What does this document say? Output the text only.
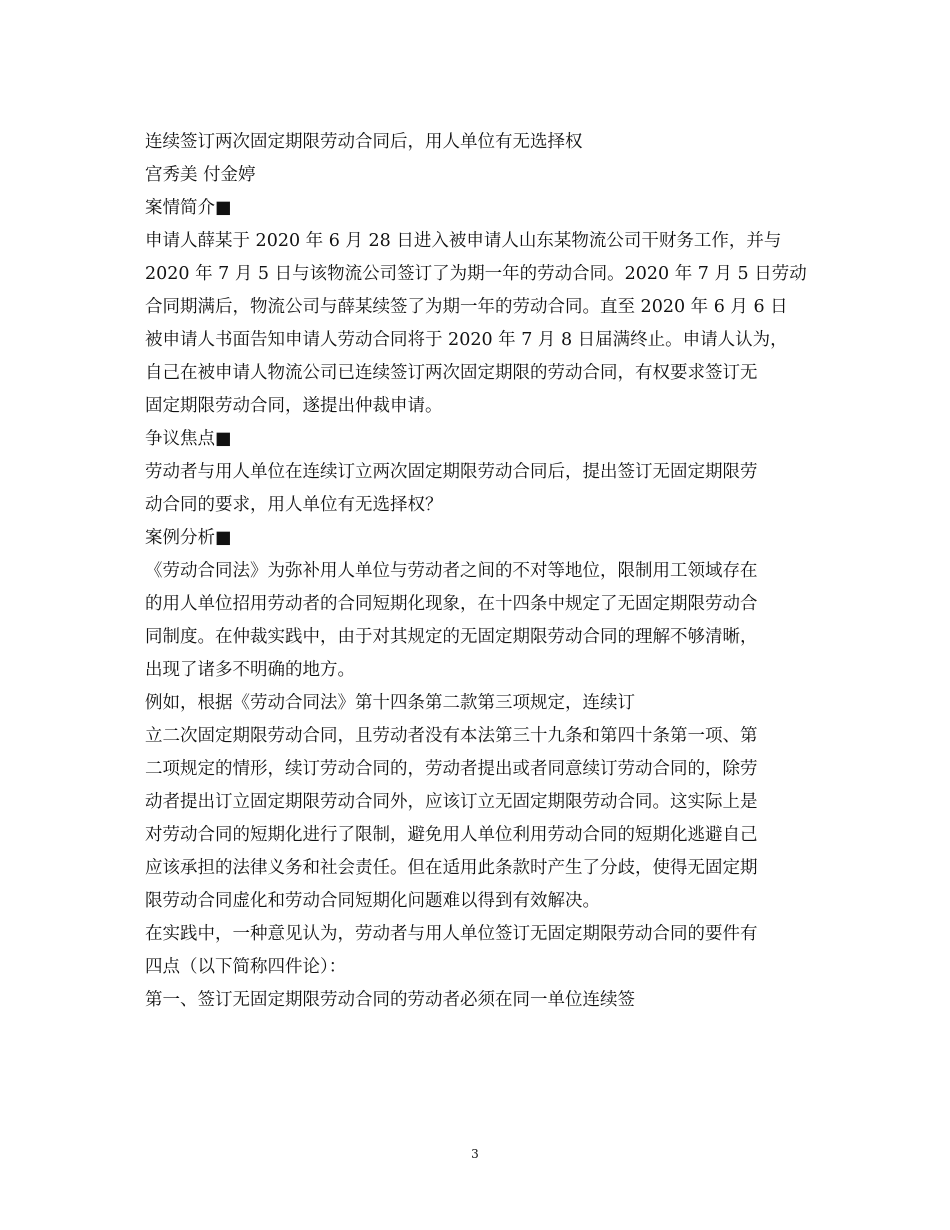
连续签订两次固定期限劳动合同后，用人单位有无选择权
宫秀美 付金婷
案情简介■
申请人薛某于 2020 年 6 月 28 日进入被申请人山东某物流公司干财务工作，并与
2020 年 7 月 5 日与该物流公司签订了为期一年的劳动合同。2020 年 7 月 5 日劳动
合同期满后，物流公司与薛某续签了为期一年的劳动合同。直至 2020 年 6 月 6 日
被申请人书面告知申请人劳动合同将于 2020 年 7 月 8 日届满终止。申请人认为，
自己在被申请人物流公司已连续签订两次固定期限的劳动合同，有权要求签订无
固定期限劳动合同，遂提出仲裁申请。
争议焦点■
劳动者与用人单位在连续订立两次固定期限劳动合同后，提出签订无固定期限劳
动合同的要求，用人单位有无选择权？
案例分析■
《劳动合同法》为弥补用人单位与劳动者之间的不对等地位，限制用工领域存在
的用人单位招用劳动者的合同短期化现象，在十四条中规定了无固定期限劳动合
同制度。在仲裁实践中，由于对其规定的无固定期限劳动合同的理解不够清晰，
出现了诸多不明确的地方。
例如，根据《劳动合同法》第十四条第二款第三项规定，连续订
立二次固定期限劳动合同，且劳动者没有本法第三十九条和第四十条第一项、第
二项规定的情形，续订劳动合同的，劳动者提出或者同意续订劳动合同的，除劳
动者提出订立固定期限劳动合同外，应该订立无固定期限劳动合同。这实际上是
对劳动合同的短期化进行了限制，避免用人单位利用劳动合同的短期化逃避自己
应该承担的法律义务和社会责任。但在适用此条款时产生了分歧，使得无固定期
限劳动合同虚化和劳动合同短期化问题难以得到有效解决。
在实践中，一种意见认为，劳动者与用人单位签订无固定期限劳动合同的要件有
四点（以下简称四件论）：
第一、签订无固定期限劳动合同的劳动者必须在同一单位连续签
3
